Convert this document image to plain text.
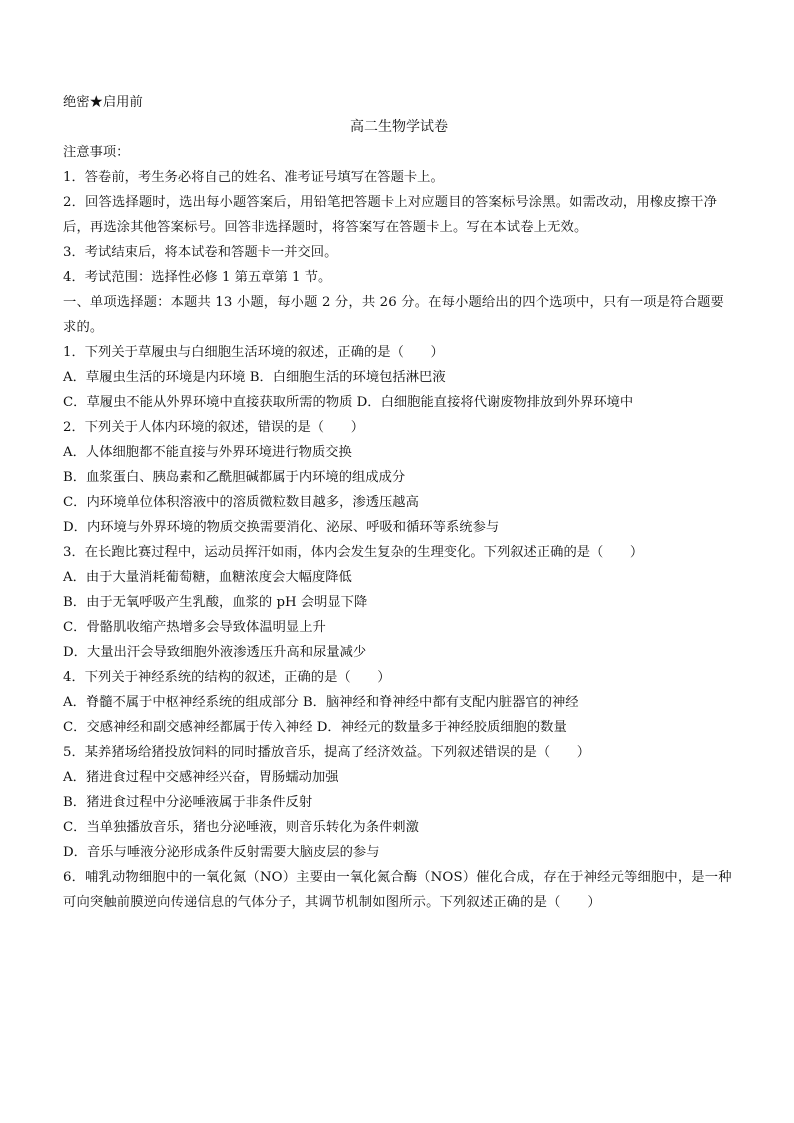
绝密★启用前
高二生物学试卷
注意事项：
1．答卷前，考生务必将自己的姓名、准考证号填写在答题卡上。
2．回答选择题时，选出每小题答案后，用铅笔把答题卡上对应题目的答案标号涂黑。如需改动，用橡皮擦干净后，再选涂其他答案标号。回答非选择题时，将答案写在答题卡上。写在本试卷上无效。
3．考试结束后，将本试卷和答题卡一并交回。
4．考试范围：选择性必修 1 第五章第 1 节。
一、单项选择题：本题共 13 小题，每小题 2 分，共 26 分。在每小题给出的四个选项中，只有一项是符合题要求的。
1．下列关于草履虫与白细胞生活环境的叙述，正确的是（　　）
A．草履虫生活的环境是内环境 B．白细胞生活的环境包括淋巴液
C．草履虫不能从外界环境中直接获取所需的物质 D．白细胞能直接将代谢废物排放到外界环境中
2．下列关于人体内环境的叙述，错误的是（　　）
A．人体细胞都不能直接与外界环境进行物质交换
B．血浆蛋白、胰岛素和乙酰胆碱都属于内环境的组成成分
C．内环境单位体积溶液中的溶质微粒数目越多，渗透压越高
D．内环境与外界环境的物质交换需要消化、泌尿、呼吸和循环等系统参与
3．在长跑比赛过程中，运动员挥汗如雨，体内会发生复杂的生理变化。下列叙述正确的是（　　）
A．由于大量消耗葡萄糖，血糖浓度会大幅度降低
B．由于无氧呼吸产生乳酸，血浆的 pH 会明显下降
C．骨骼肌收缩产热增多会导致体温明显上升
D．大量出汗会导致细胞外液渗透压升高和尿量减少
4．下列关于神经系统的结构的叙述，正确的是（　　）
A．脊髓不属于中枢神经系统的组成部分 B．脑神经和脊神经中都有支配内脏器官的神经
C．交感神经和副交感神经都属于传入神经 D．神经元的数量多于神经胶质细胞的数量
5．某养猪场给猪投放饲料的同时播放音乐，提高了经济效益。下列叙述错误的是（　　）
A．猪进食过程中交感神经兴奋，胃肠蠕动加强
B．猪进食过程中分泌唾液属于非条件反射
C．当单独播放音乐，猪也分泌唾液，则音乐转化为条件刺激
D．音乐与唾液分泌形成条件反射需要大脑皮层的参与
6．哺乳动物细胞中的一氧化氮（NO）主要由一氧化氮合酶（NOS）催化合成，存在于神经元等细胞中，是一种可向突触前膜逆向传递信息的气体分子，其调节机制如图所示。下列叙述正确的是（　　）
